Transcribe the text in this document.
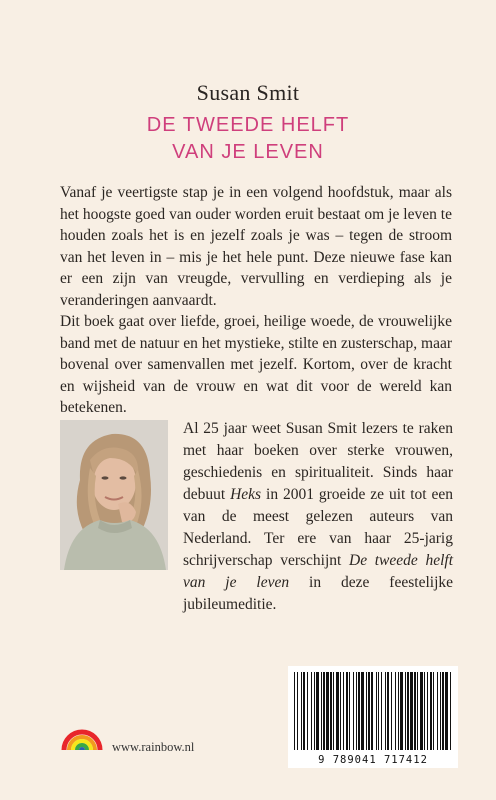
Susan Smit
DE TWEEDE HELFT
VAN JE LEVEN

Vanaf je veertigste stap je in een volgend hoofdstuk, maar als het hoogste goed van ouder worden eruit bestaat om je leven te houden zoals het is en jezelf zoals je was – tegen de stroom van het leven in – mis je het hele punt. Deze nieuwe fase kan er een zijn van vreugde, vervulling en verdieping als je veranderingen aanvaardt.

Dit boek gaat over liefde, groei, heilige woede, de vrouwelijke band met de natuur en het mystieke, stilte en zusterschap, maar bovenal over samenvallen met jezelf. Kortom, over de kracht en wijsheid van de vrouw en wat dit voor de wereld kan betekenen.

Al 25 jaar weet Susan Smit lezers te raken met haar boeken over sterke vrouwen, geschiedenis en spiritualiteit. Sinds haar debuut Heks in 2001 groeide ze uit tot een van de meest gelezen auteurs van Nederland. Ter ere van haar 25-jarig schrijverschap verschijnt De tweede helft van je leven in deze feestelijke jubileumeditie.

www.rainbow.nl
9 789041 717412
